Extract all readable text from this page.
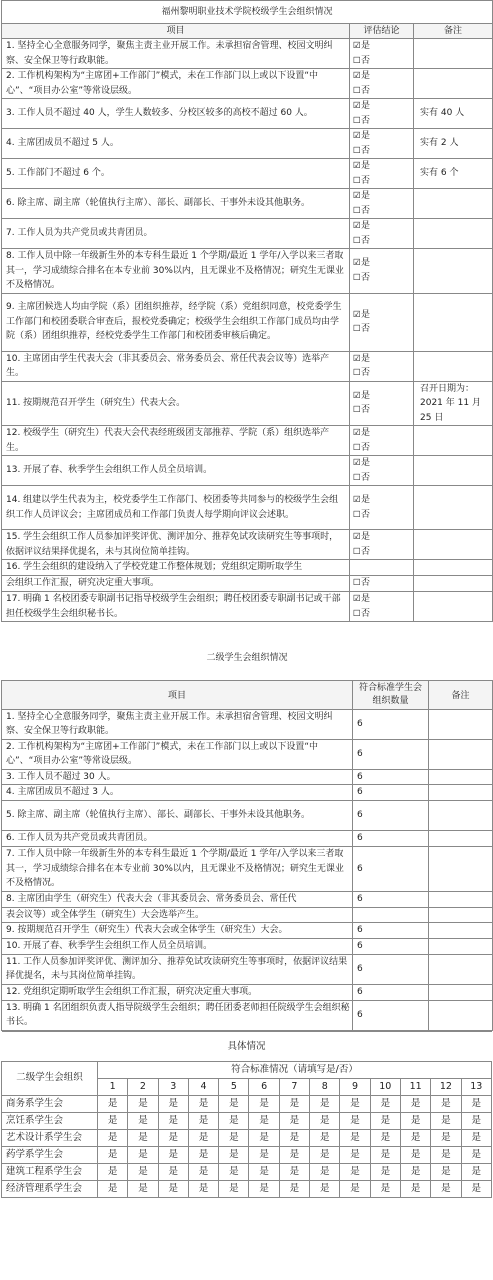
福州黎明职业技术学院校级学生会组织情况		
项目	评估结论	备注
1. 坚持全心全意服务同学，聚焦主责主业开展工作。未承担宿舍管理、校园文明纠察、安全保卫等行政职能。	☑是
☐否	
2. 工作机构架构为“主席团+工作部门”模式，未在工作部门以上或以下设置“中心”、“项目办公室”等常设层级。	☑是
☐否	
3. 工作人员不超过 40 人，学生人数较多、分校区较多的高校不超过 60 人。	☑是
☐否	实有 40 人
4. 主席团成员不超过 5 人。	☑是
☐否	实有 2 人
5. 工作部门不超过 6 个。	☑是
☐否	实有 6 个
6. 除主席、副主席（轮值执行主席）、部长、副部长、干事外未设其他职务。	☑是
☐否	
7. 工作人员为共产党员或共青团员。	☑是
☐否	
8. 工作人员中除一年级新生外的本专科生最近 1 个学期/最近 1 学年/入学以来三者取其一，学习成绩综合排名在本专业前 30%以内，且无课业不及格情况；研究生无课业不及格情况。	☑是
☐否	
9. 主席团候选人均由学院（系）团组织推荐，经学院（系）党组织同意，校党委学生工作部门和校团委联合审查后，报校党委确定；校级学生会组织工作部门成员均由学院（系）团组织推荐，经校党委学生工作部门和校团委审核后确定。	☑是
☐否	
10. 主席团由学生代表大会（非其委员会、常务委员会、常任代表会议等）选举产生。	☑是
☐否	
11. 按期规范召开学生（研究生）代表大会。	☑是
☐否	召开日期为：2021 年 11 月 25 日
12. 校级学生（研究生）代表大会代表经班级团支部推荐、学院（系）组织选举产生。	☑是
☐否	
13. 开展了春、秋季学生会组织工作人员全员培训。	☑是
☐否	
14. 组建以学生代表为主，校党委学生工作部门、校团委等共同参与的校级学生会组织工作人员评议会；主席团成员和工作部门负责人每学期向评议会述职。	☑是
☐否	
15. 学生会组织工作人员参加评奖评优、测评加分、推荐免试攻读研究生等事项时，依据评议结果择优提名，未与其岗位简单挂钩。	☑是
☐否	
16. 学生会组织的建设纳入了学校党建工作整体规划；党组织定期听取学生		
会组织工作汇报，研究决定重大事项。	☐否	
17. 明确 1 名校团委专职副书记指导校级学生会组织；聘任校团委专职副书记或干部担任校级学生会组织秘书长。	☑是
☐否	
二级学生会组织情况		
项目	符合标准学生会组织数量	备注
1. 坚持全心全意服务同学，聚焦主责主业开展工作。未承担宿舍管理、校园文明纠察、安全保卫等行政职能。	6	
2. 工作机构架构为“主席团+工作部门”模式，未在工作部门以上或以下设置“中心”、“项目办公室”等常设层级。	6	
3. 工作人员不超过 30 人。	6	
4. 主席团成员不超过 3 人。	6	
5. 除主席、副主席（轮值执行主席）、部长、副部长、干事外未设其他职务。	6	
6. 工作人员为共产党员或共青团员。	6	
7. 工作人员中除一年级新生外的本专科生最近 1 个学期/最近 1 学年/入学以来三者取其一，学习成绩综合排名在本专业前 30%以内，且无课业不及格情况；研究生无课业不及格情况。	6	
8. 主席团由学生（研究生）代表大会（非其委员会、常务委员会、常任代	6	
表会议等）或全体学生（研究生）大会选举产生。		
9. 按期规范召开学生（研究生）代表大会或全体学生（研究生）大会。	6	
10. 开展了春、秋季学生会组织工作人员全员培训。	6	
11. 工作人员参加评奖评优、测评加分、推荐免试攻读研究生等事项时，依据评议结果择优提名，未与其岗位简单挂钩。	6	
12. 党组织定期听取学生会组织工作汇报，研究决定重大事项。	6	
13. 明确 1 名团组织负责人指导院级学生会组织；聘任团委老师担任院级学生会组织秘书长。	6	
具体情况													
二级学生会组织	符合标准情况（请填写是/否）												
	1	2	3	4	5	6	7	8	9	10	11	12	13
商务系学生会	是	是	是	是	是	是	是	是	是	是	是	是	是
烹饪系学生会	是	是	是	是	是	是	是	是	是	是	是	是	是
艺术设计系学生会	是	是	是	是	是	是	是	是	是	是	是	是	是
药学系学生会	是	是	是	是	是	是	是	是	是	是	是	是	是
建筑工程系学生会	是	是	是	是	是	是	是	是	是	是	是	是	是
经济管理系学生会	是	是	是	是	是	是	是	是	是	是	是	是	是
